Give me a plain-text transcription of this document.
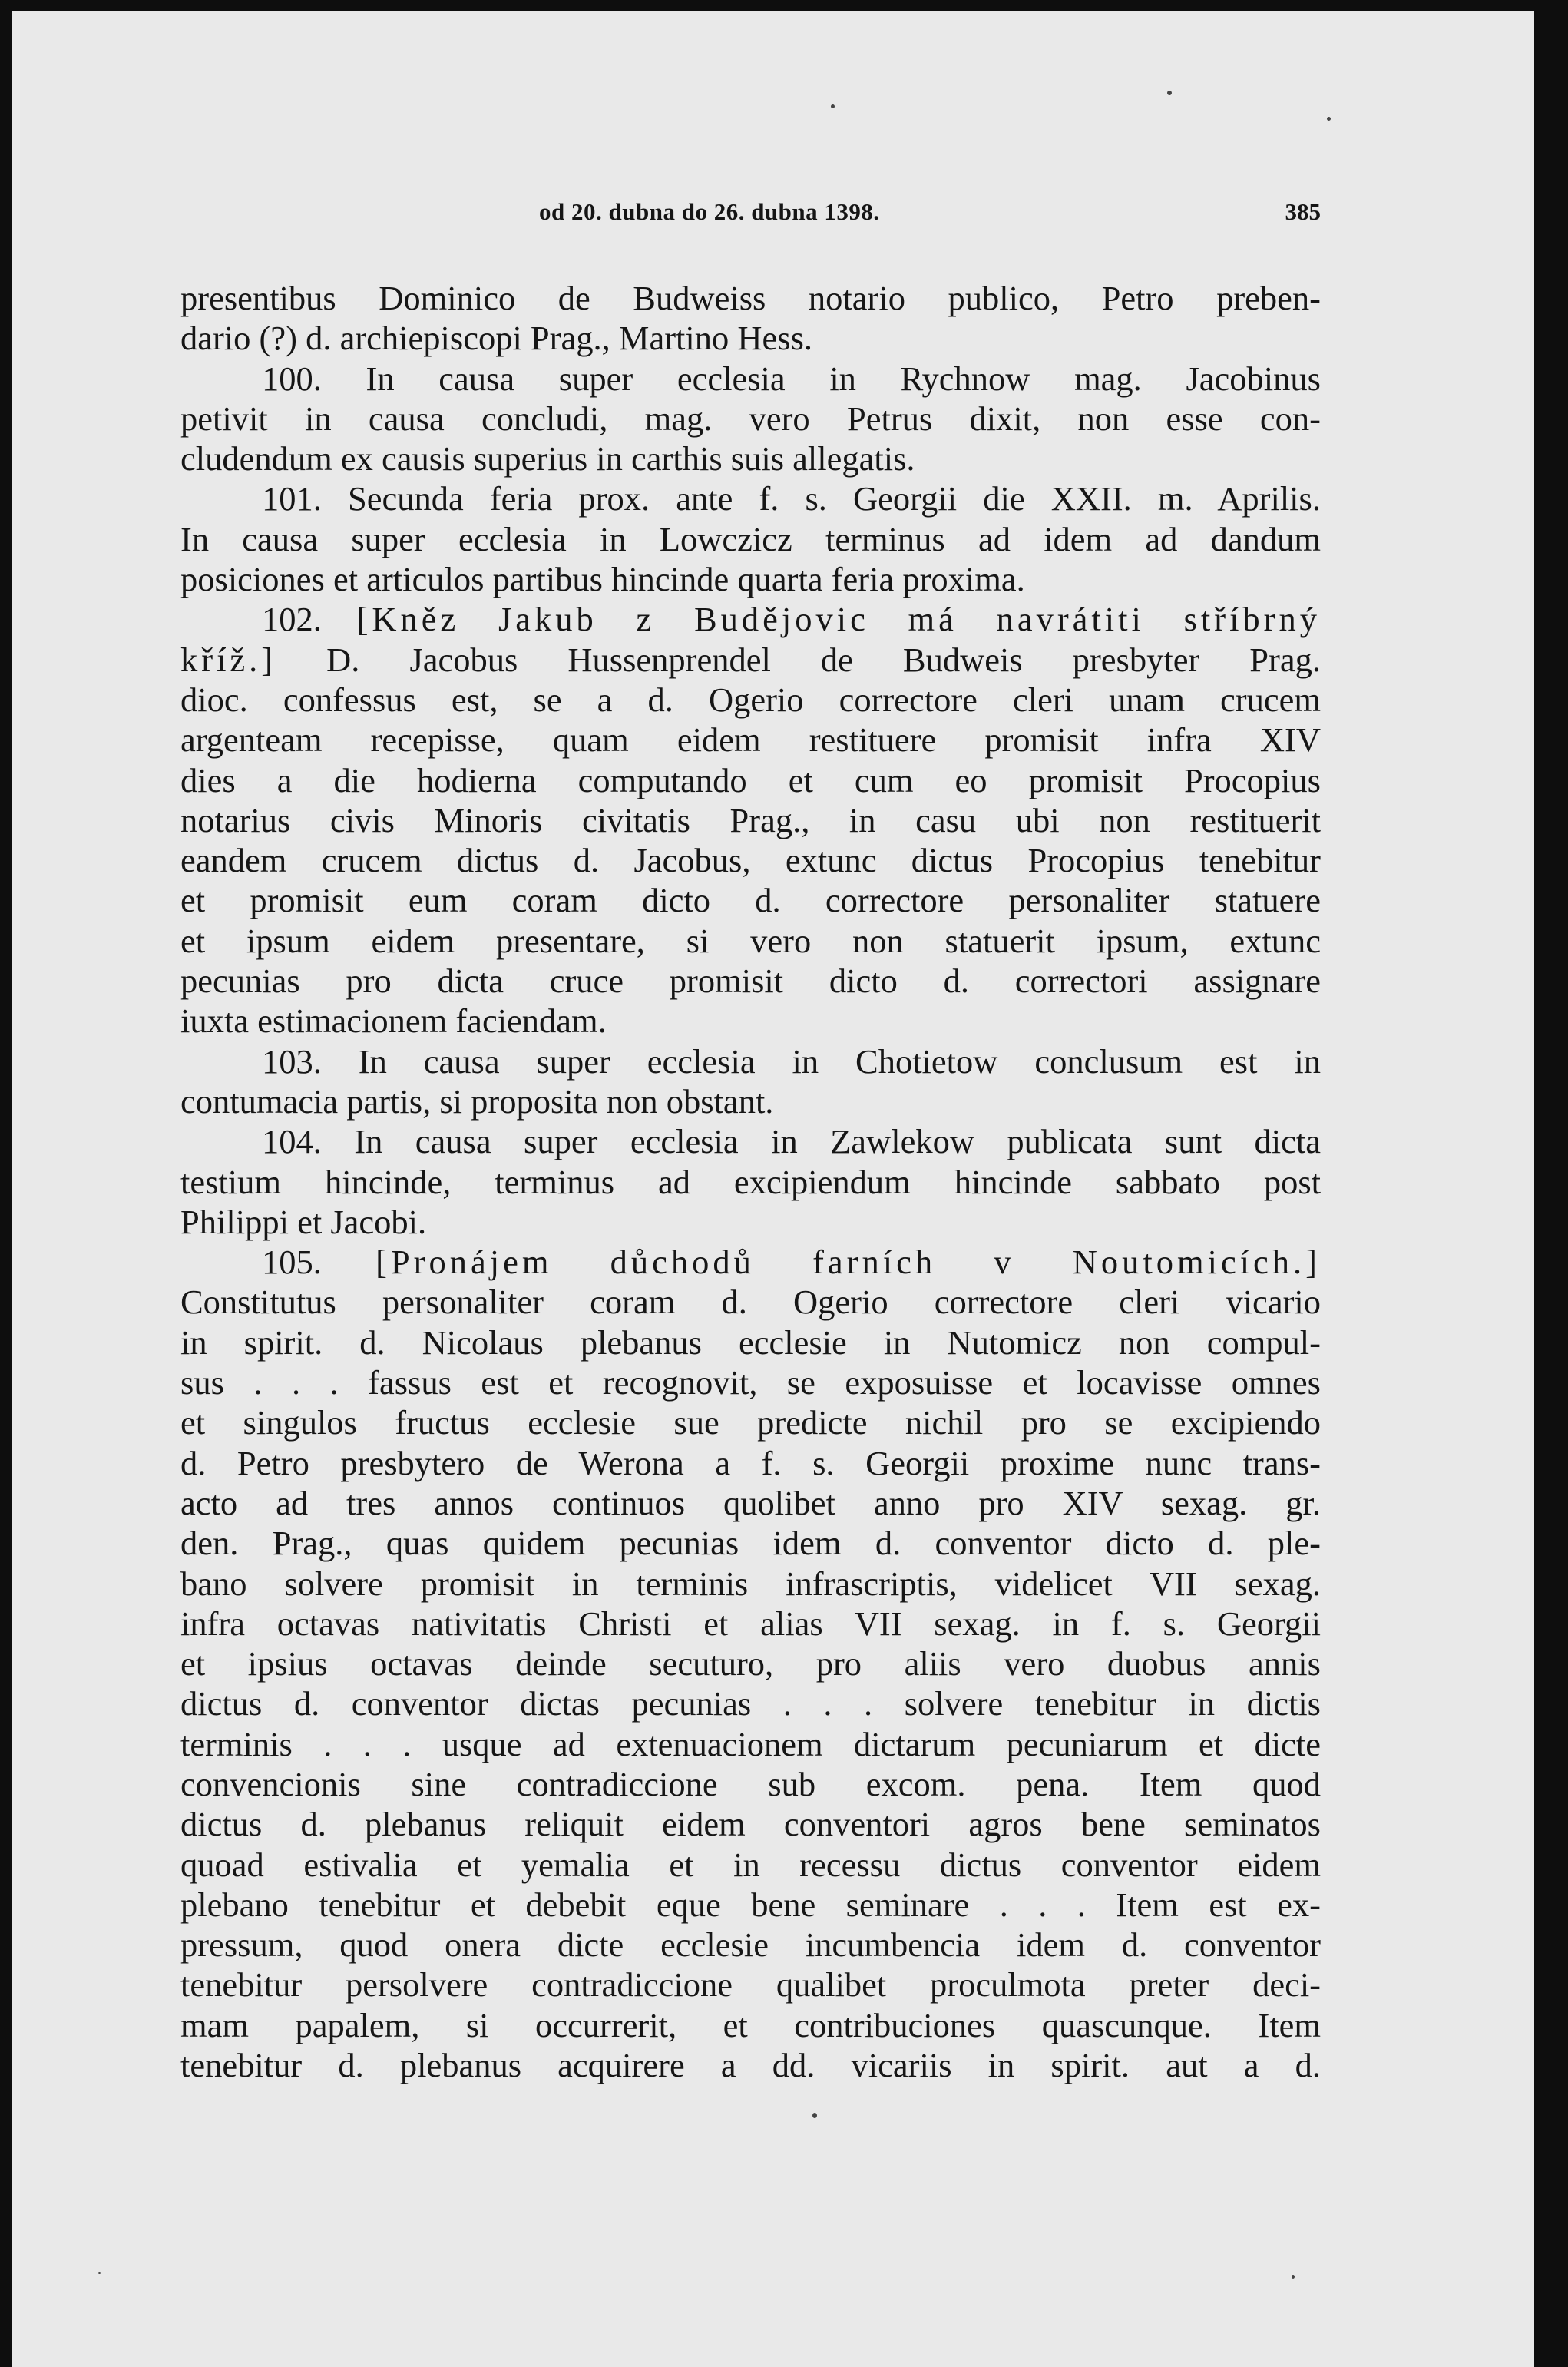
od 20. dubna do 26. dubna 1398.	385
presentibus Dominico de Budweiss notario publico, Petro preben-
dario (?) d. archiepiscopi Prag., Martino Hess.
100. In causa super ecclesia in Rychnow mag. Jacobinus
petivit in causa concludi, mag. vero Petrus dixit, non esse con-
cludendum ex causis superius in carthis suis allegatis.
101. Secunda feria prox. ante f. s. Georgii die XXII. m. Aprilis.
In causa super ecclesia in Lowczicz terminus ad idem ad dandum
posiciones et articulos partibus hincinde quarta feria proxima.
102. [Kněz Jakub z Budějovic má navrátiti stříbrný
kříž.] D. Jacobus Hussenprendel de Budweis presbyter Prag.
dioc. confessus est, se a d. Ogerio correctore cleri unam crucem
argenteam recepisse, quam eidem restituere promisit infra XIV
dies a die hodierna computando et cum eo promisit Procopius
notarius civis Minoris civitatis Prag., in casu ubi non restituerit
eandem crucem dictus d. Jacobus, extunc dictus Procopius tenebitur
et promisit eum coram dicto d. correctore personaliter statuere
et ipsum eidem presentare, si vero non statuerit ipsum, extunc
pecunias pro dicta cruce promisit dicto d. correctori assignare
iuxta estimacionem faciendam.
103. In causa super ecclesia in Chotietow conclusum est in
contumacia partis, si proposita non obstant.
104. In causa super ecclesia in Zawlekow publicata sunt dicta
testium hincinde, terminus ad excipiendum hincinde sabbato post
Philippi et Jacobi.
105. [Pronájem důchodů farních v Noutomicích.]
Constitutus personaliter coram d. Ogerio correctore cleri vicario
in spirit. d. Nicolaus plebanus ecclesie in Nutomicz non compul-
sus . . . fassus est et recognovit, se exposuisse et locavisse omnes
et singulos fructus ecclesie sue predicte nichil pro se excipiendo
d. Petro presbytero de Werona a f. s. Georgii proxime nunc trans-
acto ad tres annos continuos quolibet anno pro XIV sexag. gr.
den. Prag., quas quidem pecunias idem d. conventor dicto d. ple-
bano solvere promisit in terminis infrascriptis, videlicet VII sexag.
infra octavas nativitatis Christi et alias VII sexag. in f. s. Georgii
et ipsius octavas deinde secuturo, pro aliis vero duobus annis
dictus d. conventor dictas pecunias . . . solvere tenebitur in dictis
terminis . . . usque ad extenuacionem dictarum pecuniarum et dicte
convencionis sine contradiccione sub excom. pena. Item quod
dictus d. plebanus reliquit eidem conventori agros bene seminatos
quoad estivalia et yemalia et in recessu dictus conventor eidem
plebano tenebitur et debebit eque bene seminare . . . Item est ex-
pressum, quod onera dicte ecclesie incumbencia idem d. conventor
tenebitur persolvere contradiccione qualibet proculmota preter deci-
mam papalem, si occurrerit, et contribuciones quascunque. Item
tenebitur d. plebanus acquirere a dd. vicariis in spirit. aut a d.
